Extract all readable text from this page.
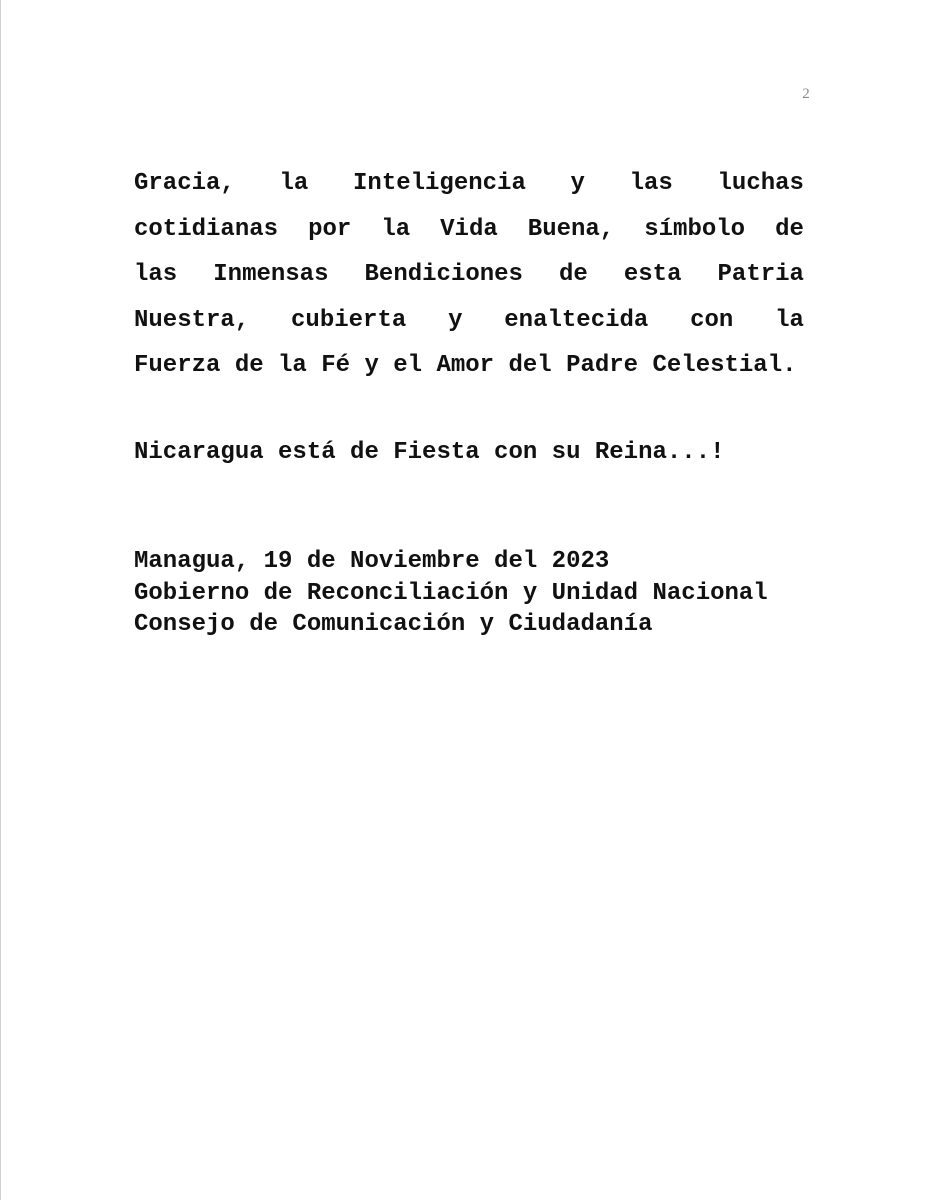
2
Gracia, la Inteligencia y las luchas
cotidianas por la Vida Buena, símbolo de
las Inmensas Bendiciones de esta Patria
Nuestra, cubierta y enaltecida con la
Fuerza de la Fé y el Amor del Padre Celestial.
Nicaragua está de Fiesta con su Reina...!
Managua, 19 de Noviembre del 2023
Gobierno de Reconciliación y Unidad Nacional
Consejo de Comunicación y Ciudadanía
